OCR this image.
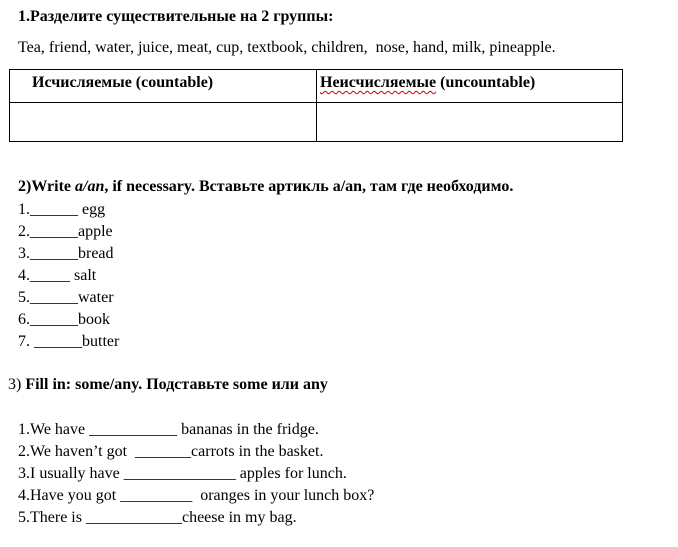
1.Разделите существительные на 2 группы:
Tea, friend, water, juice, meat, cup, textbook, children,  nose, hand, milk, pineapple.
Исчисляемые (countable)	Неисчисляемые (uncountable)
2)Write a/an, if necessary. Вставьте артикль a/an, там где необходимо.
1.______ egg
2.______apple
3.______bread
4._____ salt
5.______water
6.______book
7. ______butter
3) Fill in: some/any. Подставьте some или any
1.We have ___________ bananas in the fridge.
2.We haven’t got  _______carrots in the basket.
3.I usually have ______________ apples for lunch.
4.Have you got _________  oranges in your lunch box?
5.There is ____________cheese in my bag.
